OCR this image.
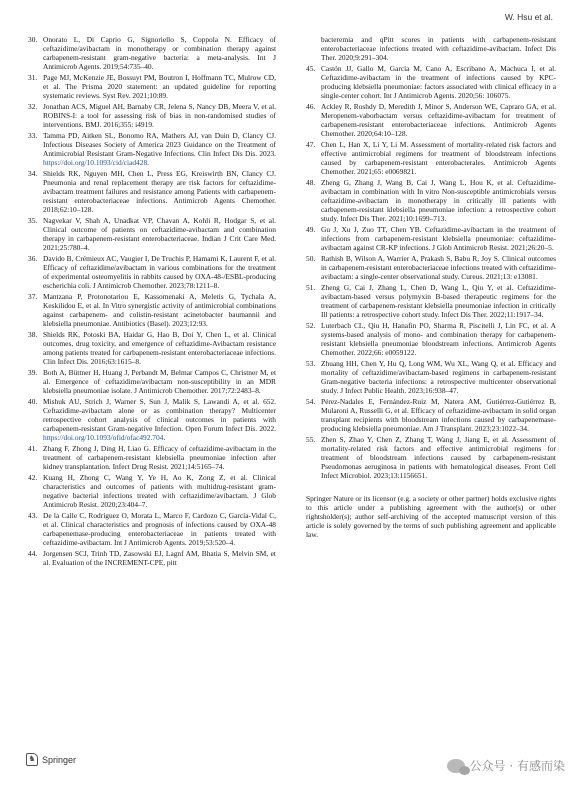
W. Hsu et al.
30. Onorato L, Di Caprio G, Signoriello S, Coppola N. Efficacy of ceftazidime/avibactam in monotherapy or combination therapy against carbapenem-resistant gram-negative bacteria: a meta-analysis. Int J Antimicrob Agents. 2019;54:735–40.
31. Page MJ, McKenzie JE, Bossuyt PM, Boutron I, Hoffmann TC, Mulrow CD, et al. The Prisma 2020 statement: an updated guideline for reporting systematic reviews. Syst Rev. 2021;10:89.
32. Jonathan ACS, Miguel AH, Barnaby CR, Jelena S, Nancy DB, Meera V, et al. ROBINS-I: a tool for assessing risk of bias in non-randomised studies of interventions. BMJ. 2016;355: i4919.
33. Tamma PD, Aitken SL, Bonomo RA, Mathers AJ, van Duin D, Clancy CJ. Infectious Diseases Society of America 2023 Guidance on the Treatment of Antimicrobial Resistant Gram-Negative Infections. Clin Infect Dis Dis. 2023. https://doi.org/10.1093/cid/ciad428.
34. Shields RK, Nguyen MH, Chen L, Press EG, Kreiswirth BN, Clancy CJ. Pneumonia and renal replacement therapy are risk factors for ceftazidime-avibactam treatment failures and resistance among Patients with carbapenem-resistant enterobacteriaceae infections. Antimicrob Agents Chemother. 2018;62:10–128.
35. Nagvekar V, Shah A, Unadkat VP, Chavan A, Kohli R, Hodgar S, et al. Clinical outcome of patients on ceftazidime-avibactam and combination therapy in carbapenem-resistant enterobacteriaceae. Indian J Crit Care Med. 2021;25:780–4.
36. Davido B, Crémieux AC, Vaugier I, De Truchis P, Hamami K, Laurent F, et al. Efficacy of ceftazidime/avibactam in various combinations for the treatment of experimental osteomyelitis in rabbits caused by OXA-48-/ESBL-producing escherichia coli. J Antimicrob Chemother. 2023;78:1211–8.
37. Mantzana P, Protonotariou E, Kassomenaki A, Meletis G, Tychala A, Keskilidou E, et al. In Vitro synergistic activity of antimicrobial combinations against carbapenem- and colistin-resistant acinetobacter baumannii and klebsiella pneumoniae. Antibiotics (Basel). 2023;12:93.
38. Shields RK, Potoski BA, Haidar G, Hao B, Doi Y, Chen L, et al. Clinical outcomes, drug toxicity, and emergence of ceftazidime-Avibactam resistance among patients treated for carbapenem-resistant enterobacteriaceae infections. Clin Infect Dis. 2016;63:1615–8.
39. Both A, Büttner H, Huang J, Perbandt M, Belmar Campos C, Christner M, et al. Emergence of ceftazidime/avibactam non-susceptibility in an MDR klebsiella pneumoniae isolate. J Antimicrob Chemother. 2017;72:2483–8.
40. Mishuk AU, Strich J, Warner S, Sun J, Malik S, Lawandi A, et al. 652. Ceftazidime-avibactam alone or as combination therapy? Multicenter retrospective cohort analysis of clinical outcomes in patients with carbapenem-resistant Gram-negative Infection. Open Forum Infect Dis. 2022. https://doi.org/10.1093/ofid/ofac492.704.
41. Zhang F, Zhong J, Ding H, Liao G. Efficacy of ceftazidime-avibactam in the treatment of carbapenem-resistant klebsiella pneumoniae infection after kidney transplantation. Infect Drug Resist. 2021;14:5165–74.
42. Kuang H, Zhong C, Wang Y, Ye H, Ao K, Zong Z, et al. Clinical characteristics and outcomes of patients with multidrug-resistant gram-negative bacterial infections treated with ceftazidime/avibactam. J Glob Antimicrob Resist. 2020;23:404–7.
43. De la Calle C, Rodríguez O, Morata L, Marco F, Cardozo C, García-Vidal C, et al. Clinical characteristics and prognosis of infections caused by OXA-48 carbapenemase-producing enterobacteriaceae in patients treated with ceftazidime-avibactam. Int J Antimicrob Agents. 2019;53:520–4.
44. Jorgensen SCJ, Trinh TD, Zasowski EJ, Lagnf AM, Bhatia S, Melvin SM, et al. Evaluation of the INCREMENT-CPE, pitt
bacteremia and qPitt scores in patients with carbapenem-resistant enterobacteriaceae infections treated with ceftazidime-avibactam. Infect Dis Ther. 2020;9:291–304.
45. Castón JJ, Gallo M, García M, Cano A, Escribano A, Machuca I, et al. Ceftazidime-avibactam in the treatment of infections caused by KPC-producing klebsiella pneumoniae: factors associated with clinical efficacy in a single-center cohort. Int J Antimicrob Agents. 2020;56: 106075.
46. Ackley R, Roshdy D, Meredith J, Minor S, Anderson WE, Capraro GA, et al. Meropenem-vaborbactam versus ceftazidime-avibactam for treatment of carbapenem-resistant enterobacteriaceae infections. Antimicrob Agents Chemother. 2020;64:10–128.
47. Chen L, Han X, Li Y, Li M. Assessment of mortality-related risk factors and effective antimicrobial regimens for treatment of bloodstream infections caused by carbapenem-resistant enterobacterales. Antimicrob Agents Chemother. 2021;65: e0069821.
48. Zheng G, Zhang J, Wang B, Cai J, Wang L, Hou K, et al. Ceftazidime-avibactam in combination with In vitro Non-susceptible antimicrobials versus ceftazidime-avibactam in monotherapy in critically ill patients with carbapenem-resistant klebsiella pneumoniae infection: a retrospective cohort study. Infect Dis Ther. 2021;10:1699–713.
49. Gu J, Xu J, Zuo TT, Chen YB. Ceftazidime-avibactam in the treatment of infections from carbapenem-resistant klebsiella pneumoniae: ceftazidime-avibactam against CR-KP infections. J Glob Antimicrob Resist. 2021;26:20–5.
50. Rathish B, Wilson A, Warrier A, Prakash S, Babu R, Joy S. Clinical outcomes in carbapenem-resistant enterobacteriaceae infections treated with ceftazidime-avibactam: a single-center observational study. Cureus. 2021;13: e13081.
51. Zheng G, Cai J, Zhang L, Chen D, Wang L, Qiu Y, et al. Ceftazidime-avibactam-based versus polymyxin B-based therapeutic regimens for the treatment of carbapenem-resistant klebsiella pneumoniae infection in critically Ill patients: a retrospective cohort study. Infect Dis Ther. 2022;11:1917–34.
52. Luterbach CL, Qiu H, Hanafin PO, Sharma R, Piscitelli J, Lin FC, et al. A systems-based analysis of mono- and combination therapy for carbapenem-resistant klebsiella pneumoniae bloodstream infections. Antimicrob Agents Chemother. 2022;66: e0059122.
53. Zhuang HH, Chen Y, Hu Q, Long WM, Wu XL, Wang Q, et al. Efficacy and mortality of ceftazidime/avibactam-based regimens in carbapenem-resistant Gram-negative bacteria infections: a retrospective multicenter observational study. J Infect Public Health. 2023;16:938–47.
54. Pérez-Nadales E, Fernández-Ruiz M, Natera AM, Gutiérrez-Gutiérrez B, Mularoni A, Russelli G, et al. Efficacy of ceftazidime-avibactam in solid organ transplant recipients with bloodstream infections caused by carbapenemase-producing klebsiella pneumoniae. Am J Transplant. 2023;23:1022–34.
55. Zhen S, Zhao Y, Chen Z, Zhang T, Wang J, Jiang E, et al. Assessment of mortality-related risk factors and effective antimicrobial regimens for treatment of bloodstream infections caused by carbapenem-resistant Pseudomonas aeruginosa in patients with hematological diseases. Front Cell Infect Microbiol. 2023;13:1156651.
Springer Nature or its licensor (e.g. a society or other partner) holds exclusive rights to this article under a publishing agreement with the author(s) or other rightsholder(s); author self-archiving of the accepted manuscript version of this article is solely governed by the terms of such publishing agreement and applicable law.
♞ Springer	公众号 · 有感而染
